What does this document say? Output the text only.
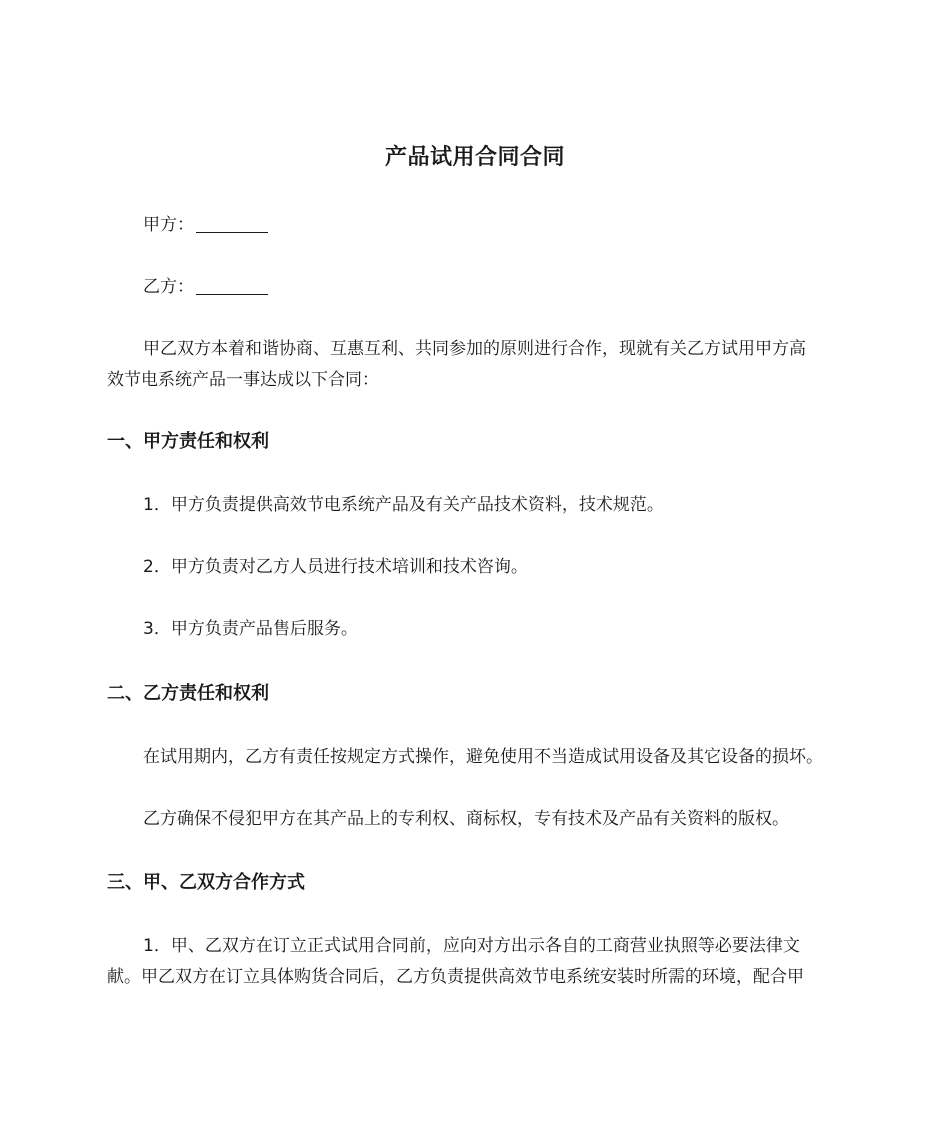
产品试用合同合同
甲方：
乙方：
甲乙双方本着和谐协商、互惠互利、共同参加的原则进行合作，现就有关乙方试用甲方高
效节电系统产品一事达成以下合同：
一、甲方责任和权利
1．甲方负责提供高效节电系统产品及有关产品技术资料，技术规范。
2．甲方负责对乙方人员进行技术培训和技术咨询。
3．甲方负责产品售后服务。
二、乙方责任和权利
在试用期内，乙方有责任按规定方式操作，避免使用不当造成试用设备及其它设备的损坏。
乙方确保不侵犯甲方在其产品上的专利权、商标权，专有技术及产品有关资料的版权。
三、甲、乙双方合作方式
1．甲、乙双方在订立正式试用合同前，应向对方出示各自的工商营业执照等必要法律文
献。甲乙双方在订立具体购货合同后，乙方负责提供高效节电系统安装时所需的环境，配合甲
